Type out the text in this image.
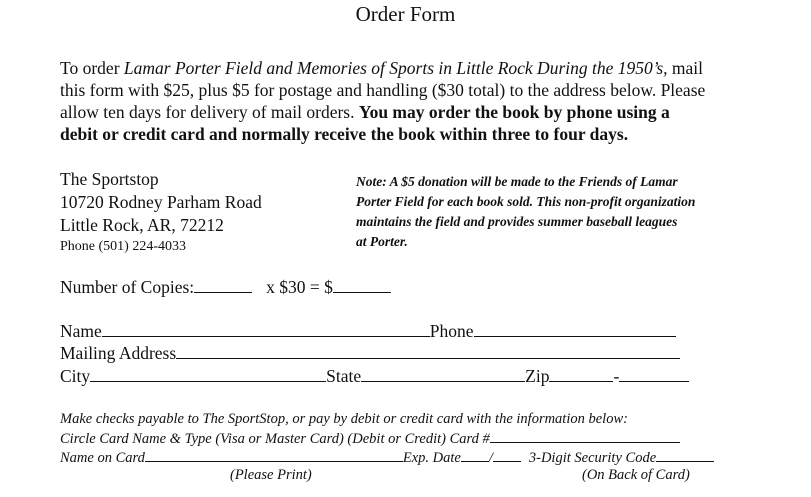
Order Form
To order Lamar Porter Field and Memories of Sports in Little Rock During the 1950’s, mail
this form with $25, plus $5 for postage and handling ($30 total) to the address below. Please
allow ten days for delivery of mail orders. You may order the book by phone using a
debit or credit card and normally receive the book within three to four days.
The Sportstop
10720 Rodney Parham Road
Little Rock, AR, 72212
Phone (501) 224-4033
Note: A $5 donation will be made to the Friends of Lamar
Porter Field for each book sold. This non-profit organization
maintains the field and provides summer baseball leagues
at Porter.
Number of Copies:	x $30 = $
Name	Phone
Mailing Address
City	State	Zip	-
Make checks payable to The SportStop, or pay by debit or credit card with the information below:
Circle Card Name & Type (Visa or Master Card) (Debit or Credit) Card #
Name on Card	Exp. Date / 3-Digit Security Code
(Please Print)	(On Back of Card)
